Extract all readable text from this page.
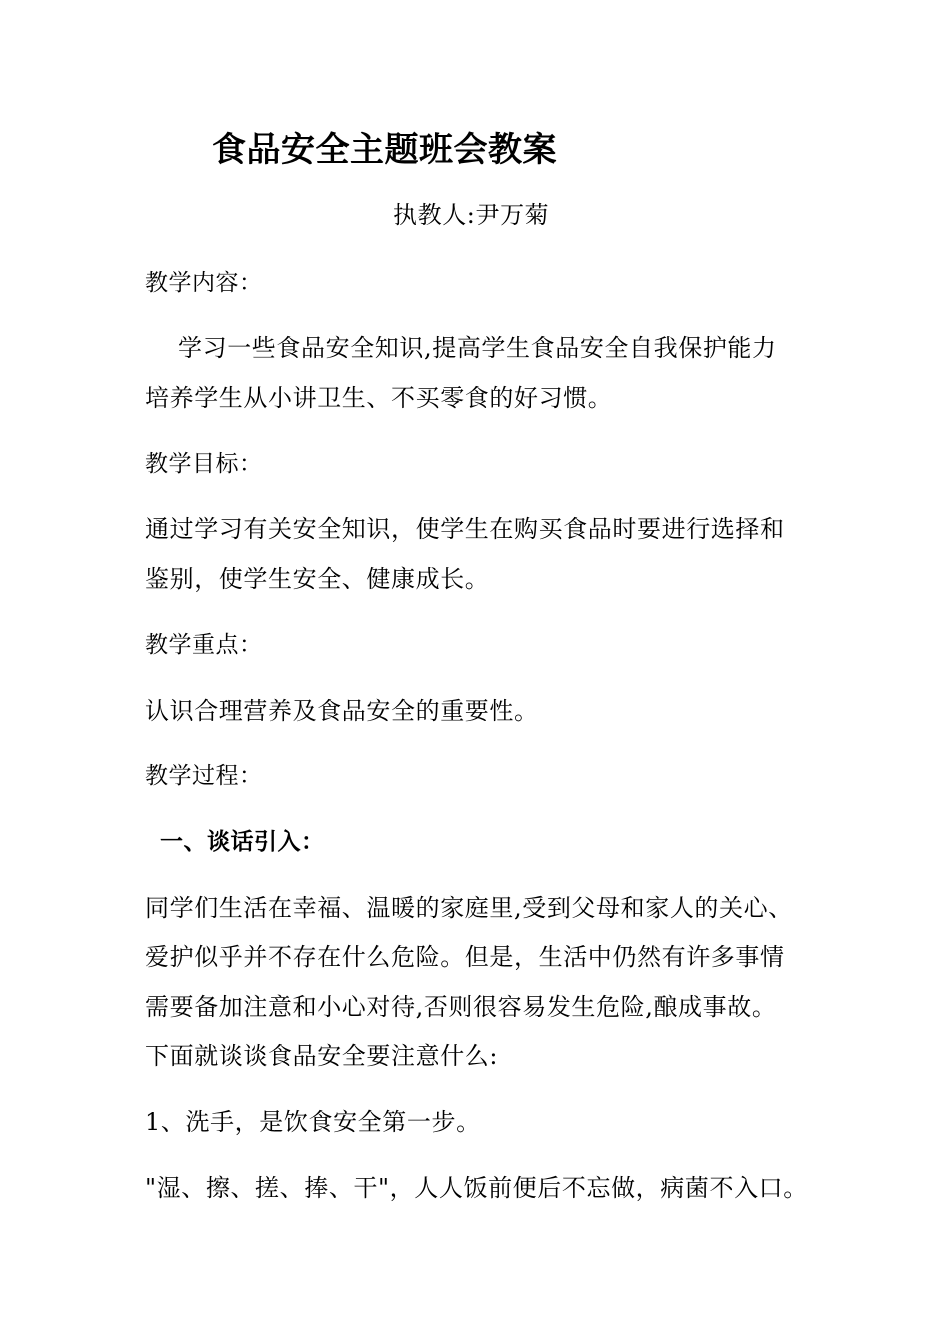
食品安全主题班会教案
执教人:尹万菊
教学内容：
学习一些食品安全知识,提高学生食品安全自我保护能力
培养学生从小讲卫生、不买零食的好习惯。
教学目标：
通过学习有关安全知识，使学生在购买食品时要进行选择和
鉴别，使学生安全、健康成长。
教学重点：
认识合理营养及食品安全的重要性。
教学过程：
一、谈话引入：
同学们生活在幸福、温暖的家庭里,受到父母和家人的关心、
爱护似乎并不存在什么危险。但是，生活中仍然有许多事情
需要备加注意和小心对待,否则很容易发生危险,酿成事故。
下面就谈谈食品安全要注意什么:
1、洗手，是饮食安全第一步。
"湿、擦、搓、捧、干"，人人饭前便后不忘做，病菌不入口。
